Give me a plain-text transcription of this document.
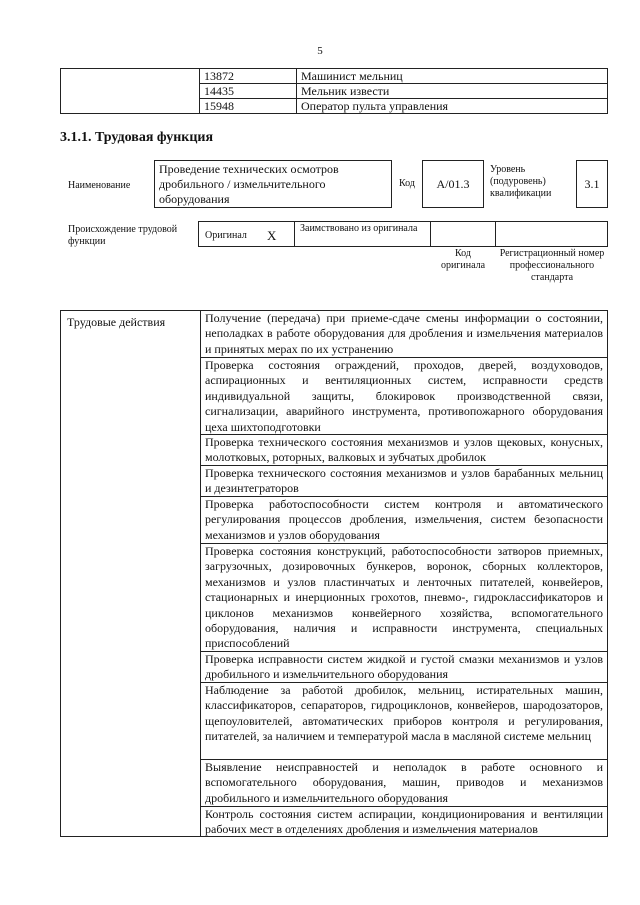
5
	13872	Машинист мельниц
	14435	Мельник извести
	15948	Оператор пульта управления
3.1.1. Трудовая функция
Наименование
Проведение технических осмотров дробильного / измельчительного оборудования
Код	А/01.3
Уровень (подуровень) квалификации
3.1
Происхождение трудовой функции
Оригинал X Заимствовано из оригинала
Код оригинала
Регистрационный номер профессионального стандарта
Трудовые действия	Получение (передача) при приеме-сдаче смены информации о состоянии, неполадках в работе оборудования для дробления и измельчения материалов и принятых мерах по их устранению
Проверка состояния ограждений, проходов, дверей, воздуховодов, аспирационных и вентиляционных систем, исправности средств индивидуальной защиты, блокировок производственной связи, сигнализации, аварийного инструмента, противопожарного оборудования цеха шихтоподготовки
Проверка технического состояния механизмов и узлов щековых, конусных, молотковых, роторных, валковых и зубчатых дробилок
Проверка технического состояния механизмов и узлов барабанных мельниц и дезинтеграторов
Проверка работоспособности систем контроля и автоматического регулирования процессов дробления, измельчения, систем безопасности механизмов и узлов оборудования
Проверка состояния конструкций, работоспособности затворов приемных, загрузочных, дозировочных бункеров, воронок, сборных коллекторов, механизмов и узлов пластинчатых и ленточных питателей, конвейеров, стационарных и инерционных грохотов, пневмо-, гидроклассификаторов и циклонов механизмов конвейерного хозяйства, вспомогательного оборудования, наличия и исправности инструмента, специальных приспособлений
Проверка исправности систем жидкой и густой смазки механизмов и узлов дробильного и измельчительного оборудования
Наблюдение за работой дробилок, мельниц, истирательных машин, классификаторов, сепараторов, гидроциклонов, конвейеров, шародозаторов, щепоуловителей, автоматических приборов контроля и регулирования, питателей, за наличием и температурой масла в масляной системе мельниц
Выявление неисправностей и неполадок в работе основного и вспомогательного оборудования, машин, приводов и механизмов дробильного и измельчительного оборудования
Контроль состояния систем аспирации, кондиционирования и вентиляции рабочих мест в отделениях дробления и измельчения материалов
